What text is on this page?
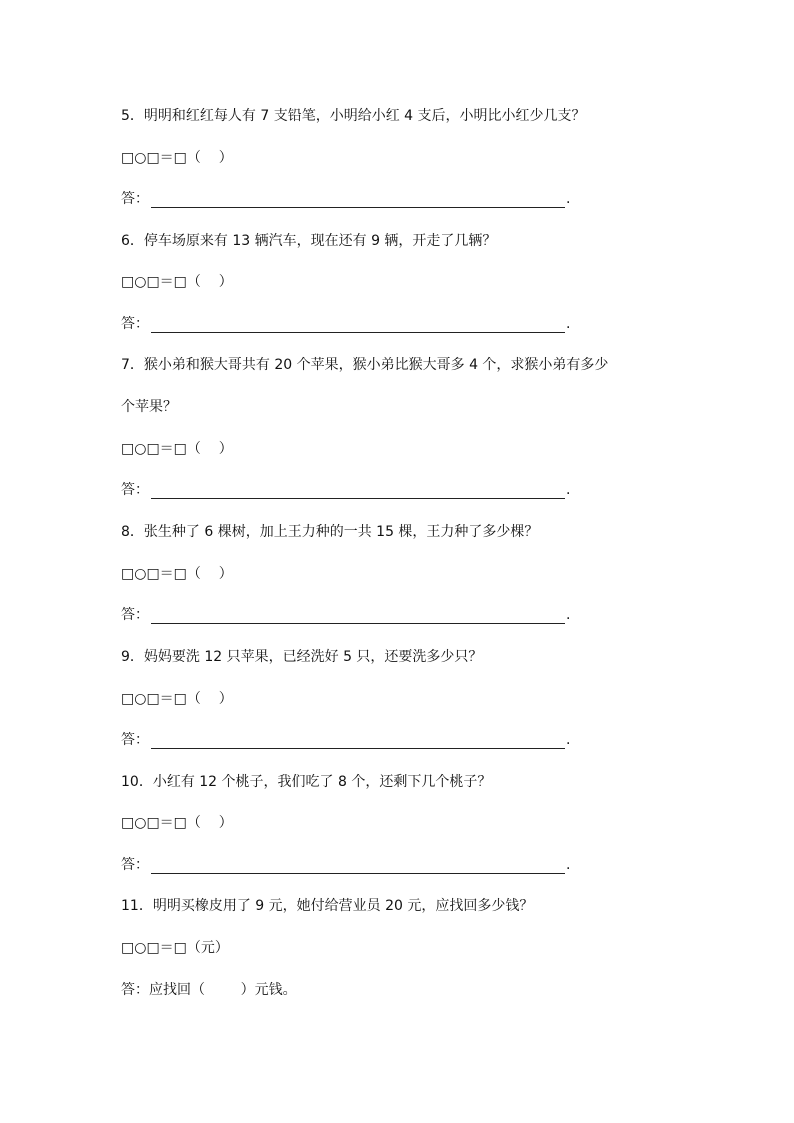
5．明明和红红每人有 7 支铅笔，小明给小红 4 支后，小明比小红少几支？
□○□＝□（    ）
答：	.
6．停车场原来有 13 辆汽车，现在还有 9 辆，开走了几辆？
□○□＝□（    ）
答：	.
7．猴小弟和猴大哥共有 20 个苹果，猴小弟比猴大哥多 4 个，求猴小弟有多少
个苹果？
□○□＝□（    ）
答：	.
8．张生种了 6 棵树，加上王力种的一共 15 棵，王力种了多少棵？
□○□＝□（    ）
答：	.
9．妈妈要洗 12 只苹果，已经洗好 5 只，还要洗多少只？
□○□＝□（    ）
答：	.
10．小红有 12 个桃子，我们吃了 8 个，还剩下几个桃子？
□○□＝□（    ）
答：	.
11．明明买橡皮用了 9 元，她付给营业员 20 元，应找回多少钱？
□○□＝□（元）
答：应找回（        ）元钱。
